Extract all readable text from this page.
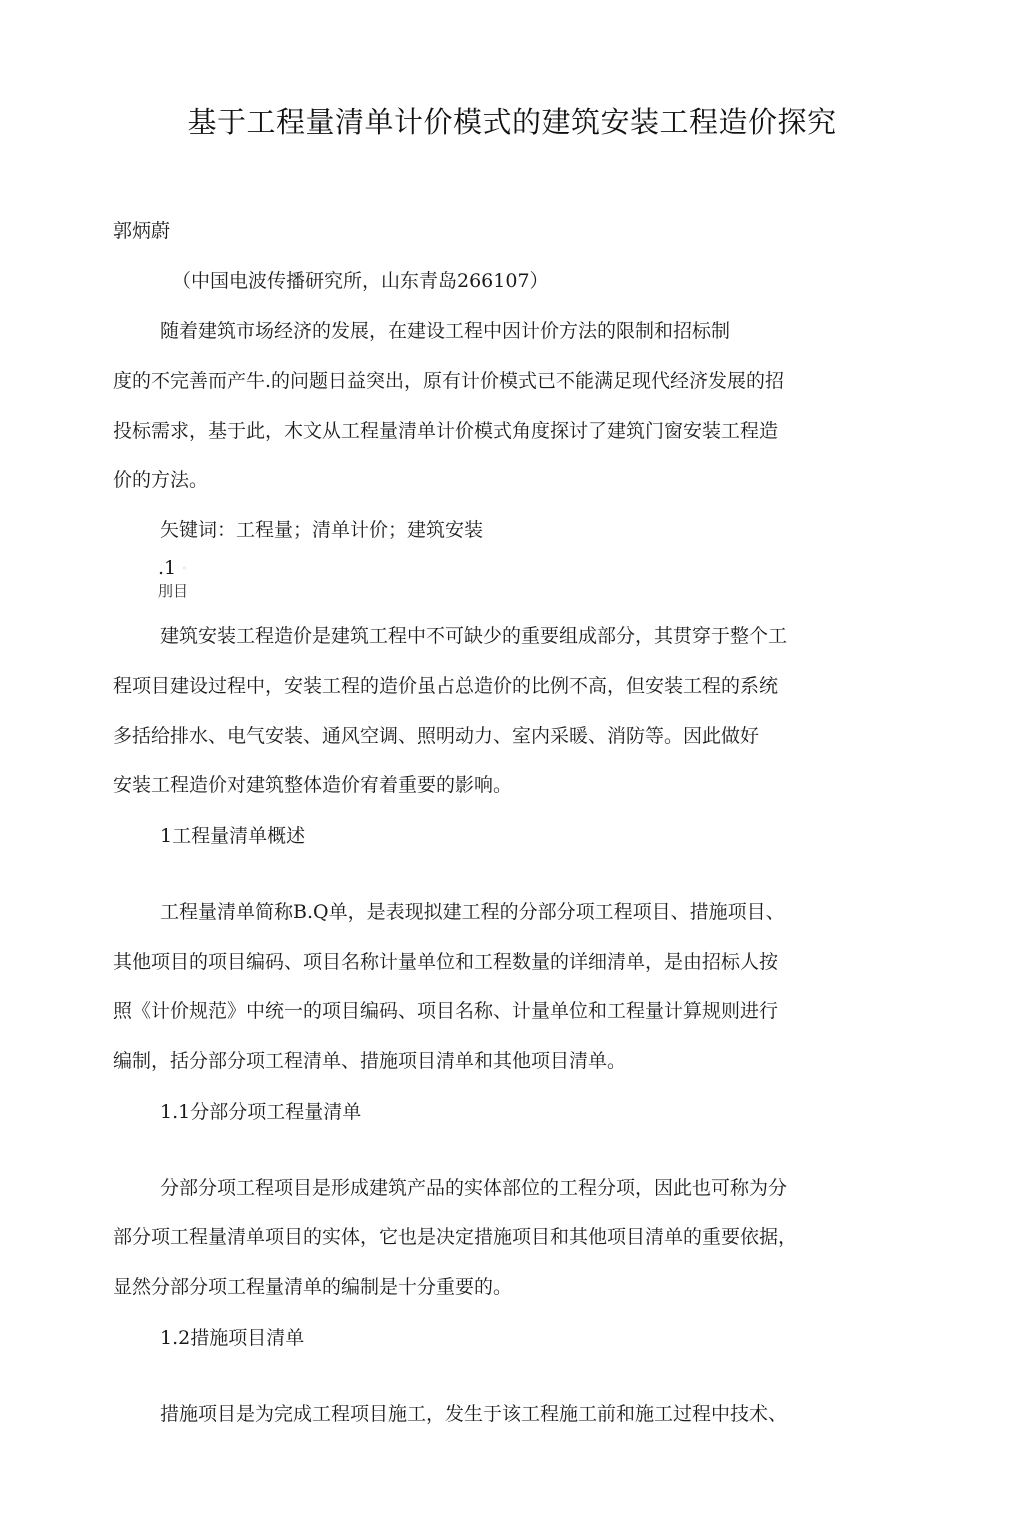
基于工程量清单计价模式的建筑安装工程造价探究
郭炳蔚
（中国电波传播研究所，山东青岛266107）
随着建筑市场经济的发展，在建设工程中因计价方法的限制和招标制
度的不完善而产牛.的问题日益突出，原有计价模式已不能满足现代经济发展的招
投标需求，基于此，木文从工程量清单计价模式角度探讨了建筑门窗安装工程造
价的方法。
矢键词：工程量；清单计价；建筑安装
.1 ◦
刖目
建筑安装工程造价是建筑工程中不可缺少的重要组成部分，其贯穿于整个工
程项目建设过程中，安装工程的造价虽占总造价的比例不高，但安装工程的系统
多括给排水、电气安装、通风空调、照明动力、室内采暖、消防等。因此做好
安装工程造价对建筑整体造价宥着重要的影响。
1工程量清单概述
工程量清单简称B.Q单，是表现拟建工程的分部分项工程项目、措施项目、
其他项目的项目编码、项目名称计量单位和工程数量的详细清单，是由招标人按
照《计价规范》中统一的项目编码、项目名称、计量单位和工程量计算规则进行
编制，括分部分项工程清单、措施项目清单和其他项目清单。
1.1分部分项工程量清单
分部分项工程项目是形成建筑产品的实体部位的工程分项，因此也可称为分
部分项工程量清单项目的实体，它也是决定措施项目和其他项目清单的重要依据，
显然分部分项工程量清单的编制是十分重要的。
1.2措施项目清单
措施项目是为完成工程项目施工，发生于该工程施工前和施工过程中技术、
